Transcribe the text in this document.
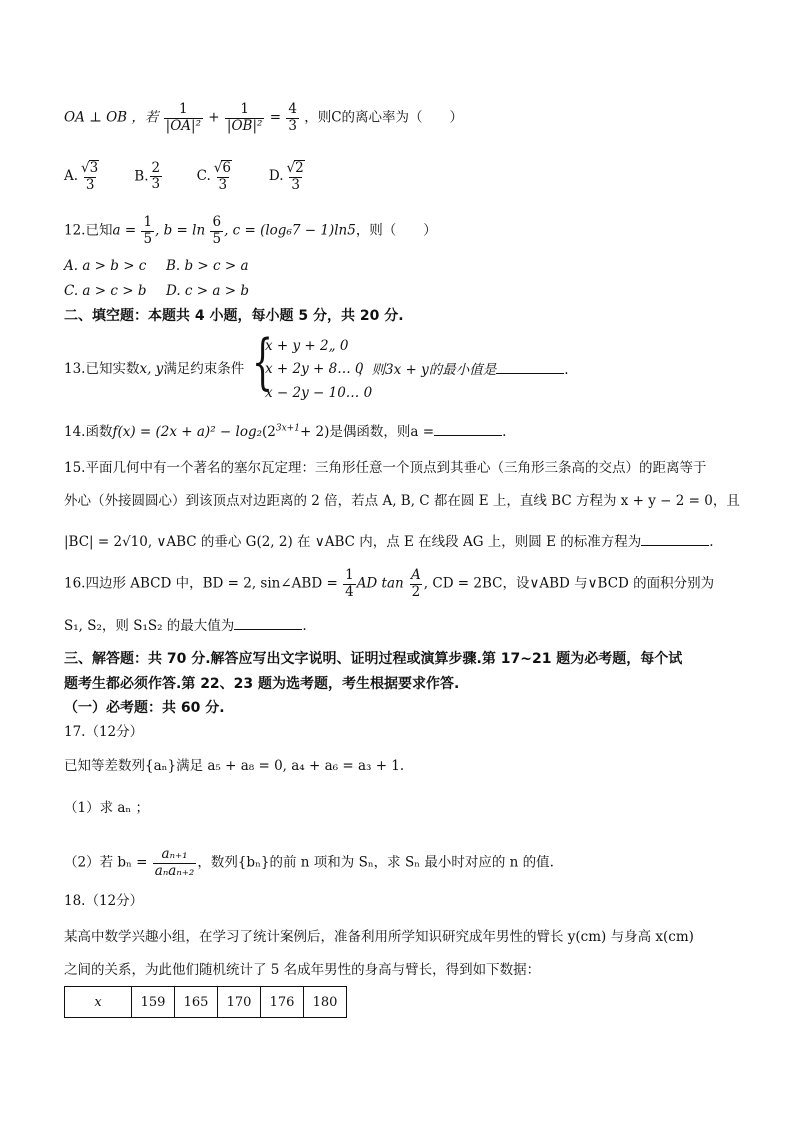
OA ⊥ OB ，若 $\frac{1}{\text{|OA|²}} + \frac{1}{\text{|OB|²}} = \frac{4}{3}$ ，则C的离心率为（　　）
A. $\frac{√3}{3} B$. $\frac{2}{3}$	C. $\frac{√6}{3}$	D. $\frac{√2}{3}$
12.已知$a = \frac{1}{5}$ , $b = \ln \frac{6}{5}$ , c = (log₆7 − 1)ln5，则（　　）
A. a > b > c B. b > c > a
C. a > c > b D. c > a > b
二、填空题：本题共 4 小题，每小题 5 分，共 20 分.
13.已知实数x, y满足约束条件 {
x + y + 2„ 0
x + 2y + 8… 0
x − 2y − 10… 0
，则3x + y的最小值是	.
14.函数$f(x) = (2x + a)^2 - \log_2(2^{3x+1}+ 2)$是偶函数，则a =	.
15.平面几何中有一个著名的塞尔瓦定理：三角形任意一个顶点到其垂心（三角形三条高的交点）的距离等于
外心（外接圆圆心）到该顶点对边距离的 2 倍，若点 A, B, C 都在圆 E 上，直线 BC 方程为 x + y − 2 = 0，且
|BC| = 2√10, ∨ABC 的垂心 G(2, 2) 在 ∨ABC 内，点 E 在线段 AG 上，则圆 E 的标准方程为	.
16.四边形 ABCD 中，BD = 2, sin∠ABD = $\frac{1}{4}$ AD $\tan \frac{A}{2}$ , CD = 2BC，设∨ABD 与∨BCD 的面积分别为
S₁, S₂，则 S₁S₂ 的最大值为	.
三、解答题：共 70 分.解答应写出文字说明、证明过程或演算步骤.第 17~21 题为必考题，每个试
题考生都必须作答.第 22、23 题为选考题，考生根据要求作答.
（一）必考题：共 60 分.
17.（12分）
已知等差数列{aₙ}满足 a₅ + a₈ = 0, a₄ + a₆ = a₃ + 1.
（1）求 aₙ ；
（2）若 $b_n = \frac{\text{aₙ₊₁}}{\text{aₙaₙ₊₂}}$ ，数列{bₙ}的前 n 项和为 Sₙ，求 Sₙ 最小时对应的 n 的值.
18.（12分）
某高中数学兴趣小组，在学习了统计案例后，准备利用所学知识研究成年男性的臂长 y(cm) 与身高 x(cm)
之间的关系，为此他们随机统计了 5 名成年男性的身高与臂长，得到如下数据：
x	159	165	170	176	180
